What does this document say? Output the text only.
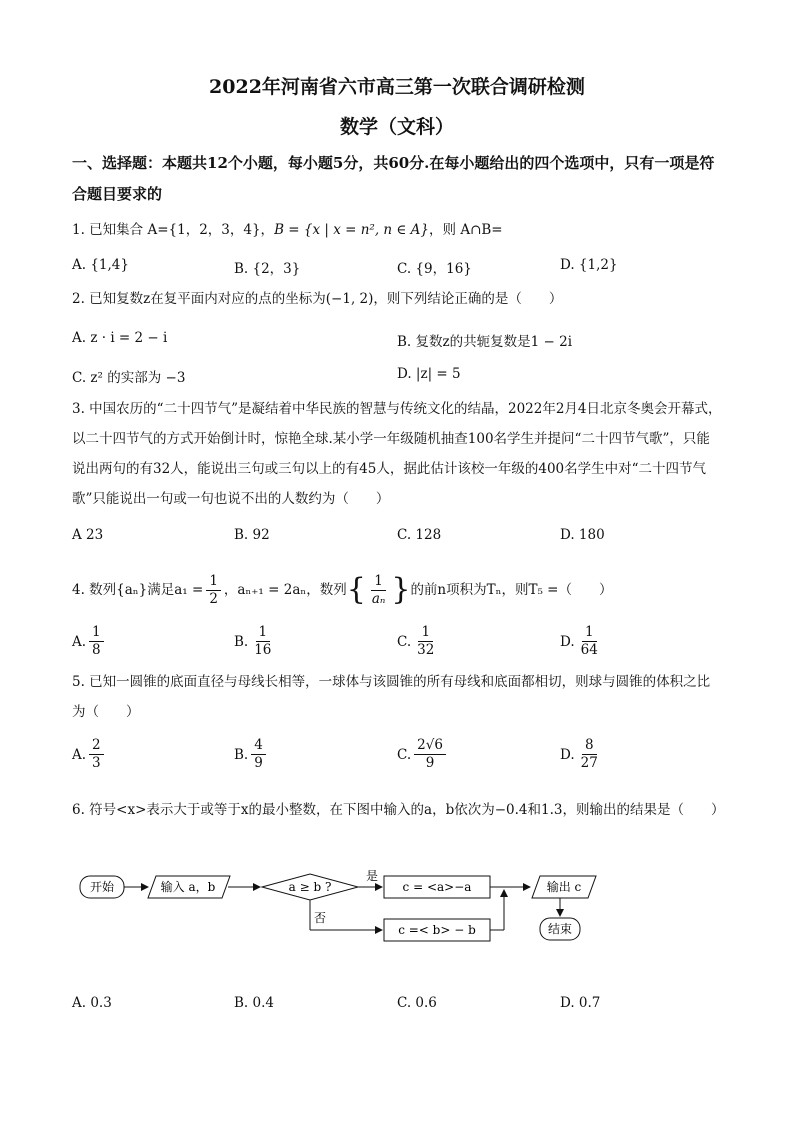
2022年河南省六市高三第一次联合调研检测
数学（文科）
一、选择题：本题共12个小题，每小题5分，共60分.在每小题给出的四个选项中，只有一项是符合题目要求的
1. 已知集合 A={1，2，3，4}，B = {x | x = n², n ∈ A}，则 A∩B=
A. {1,4}	B. {2，3}	C. {9，16}	D. {1,2}
2. 已知复数z在复平面内对应的点的坐标为(−1, 2)，则下列结论正确的是（　　）
A. z · i = 2 − i	B. 复数z的共轭复数是1 − 2i
C. z² 的实部为 −3	D. |z| = 5
3. 中国农历的“二十四节气”是凝结着中华民族的智慧与传统文化的结晶，2022年2月4日北京冬奥会开幕式，以二十四节气的方式开始倒计时，惊艳全球.某小学一年级随机抽查100名学生并提问“二十四节气歌”，只能说出两句的有32人，能说出三句或三句以上的有45人，据此估计该校一年级的400名学生中对“二十四节气歌”只能说出一句或一句也说不出的人数约为（　　）
A 23	B. 92	C. 128	D. 180
4. 数列{aₙ}满足$a_1 = \frac{1}{2}$ ，aₙ₊₁ = 2aₙ，数列 { $\frac{1}{\text{aₙ}}$ } 的前n项积为Tₙ，则T₅ =（　　）
A. $\frac{1}{8}$	B. $\frac{1}{16}$	C. $\frac{1}{32}$	D. $\frac{1}{64}$
5. 已知一圆锥的底面直径与母线长相等，一球体与该圆锥的所有母线和底面都相切，则球与圆锥的体积之比为（　　）
A. $\frac{2}{3}$	B. $\frac{4}{9}$	C. $\frac{2√6}{9}$	D. $\frac{8}{27}$
6. 符号<x>表示大于或等于x的最小整数，在下图中输入的a，b依次为−0.4和1.3，则输出的结果是（　　）
开始	输入 a，b	a ≥ b ?
是
c = <a>−a
否
c =< b> − b
输出 c
结束
A. 0.3	B. 0.4	C. 0.6	D. 0.7
